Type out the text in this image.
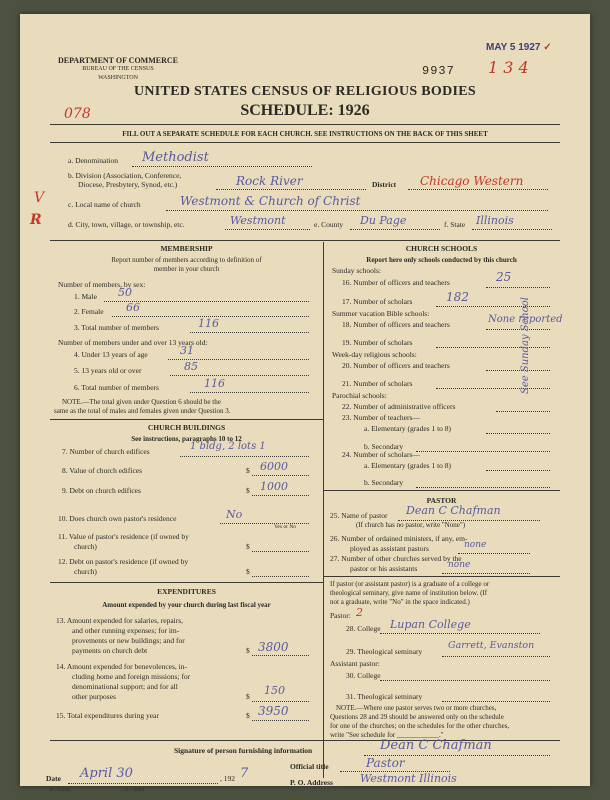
DEPARTMENT OF COMMERCE
BUREAU OF THE CENSUS
WASHINGTON
MAY 5 1927 ✓
9937 1 3 4
078
UNITED STATES CENSUS OF RELIGIOUS BODIES
SCHEDULE: 1926
FILL OUT A SEPARATE SCHEDULE FOR EACH CHURCH. SEE INSTRUCTIONS ON THE BACK OF THIS SHEET
a. Denomination Methodist
b. Division (Association, Conference,
Diocese, Presbytery, Synod, etc.)	Rock River	District Chicago Western
V	c. Local name of church	Westmont & Church of Christ
R	d. City, town, village, or township, etc.	Westmont	e. County Du Page	f. State Illinois
MEMBERSHIP
Report number of members according to definition of
member in your church
Number of members, by sex:
1. Male 50
2. Female 66
3. Total number of members	116
Number of members under and over 13 years old:
4. Under 13 years of age	31
5. 13 years old or over	85
6. Total number of members	116
NOTE.—The total given under Question 6 should be the
same as the total of males and females given under Question 3.
CHURCH BUILDINGS
See instructions, paragraphs 10 to 12
7. Number of church edifices	1 bldg, 2 lots 1
8. Value of church edifices	$ 6000
9. Debt on church edifices	$ 1000
10. Does church own pastor's residence	No
Yes or No
11. Value of pastor's residence (if owned by
church)	$
12. Debt on pastor's residence (if owned by
church)	$
EXPENDITURES
Amount expended by your church during last fiscal year
13. Amount expended for salaries, repairs,
and other running expenses; for im-
provements or new buildings; and for
payments on church debt	$ 3800
14. Amount expended for benevolences, in-
cluding home and foreign missions; for
denominational support; and for all
other purposes	$ 150
15. Total expenditures during year	$ 3950
CHURCH SCHOOLS
Report here only schools conducted by this church
Sunday schools:
16. Number of officers and teachers	25
17. Number of scholars	182
Summer vacation Bible schools:
18. Number of officers and teachers	None reported
19. Number of scholars
Week-day religious schools:
20. Number of officers and teachers
21. Number of scholars
Parochial schools:
22. Number of administrative officers
23. Number of teachers—
a. Elementary (grades 1 to 8)
b. Secondary
24. Number of scholars—
a. Elementary (grades 1 to 8)
b. Secondary
See Sunday School
PASTOR
25. Name of pastor Dean C Chafman
(If church has no pastor, write "None")
26. Number of ordained ministers, if any, em-
ployed as assistant pastors	none
27. Number of other churches served by the
pastor or his assistants	none
If pastor (or assistant pastor) is a graduate of a college or
theological seminary, give name of institution below. (If
not a graduate, write "No" in the space indicated.)
Pastor: 2
28. College Lupan College
29. Theological seminary
Garrett, Evanston
Assistant pastor:
30. College
31. Theological seminary
NOTE.—Where one pastor serves two or more churches,
Questions 28 and 29 should be answered only on the schedule
for one of the churches; on the schedules for the other churches,
write "See schedule for ____________."
Signature of person furnishing information	Dean C Chafman
Official title	Pastor
Date April 30	, 192 7
P. O. Address Westmont Illinois
8—5518a	11—9084
